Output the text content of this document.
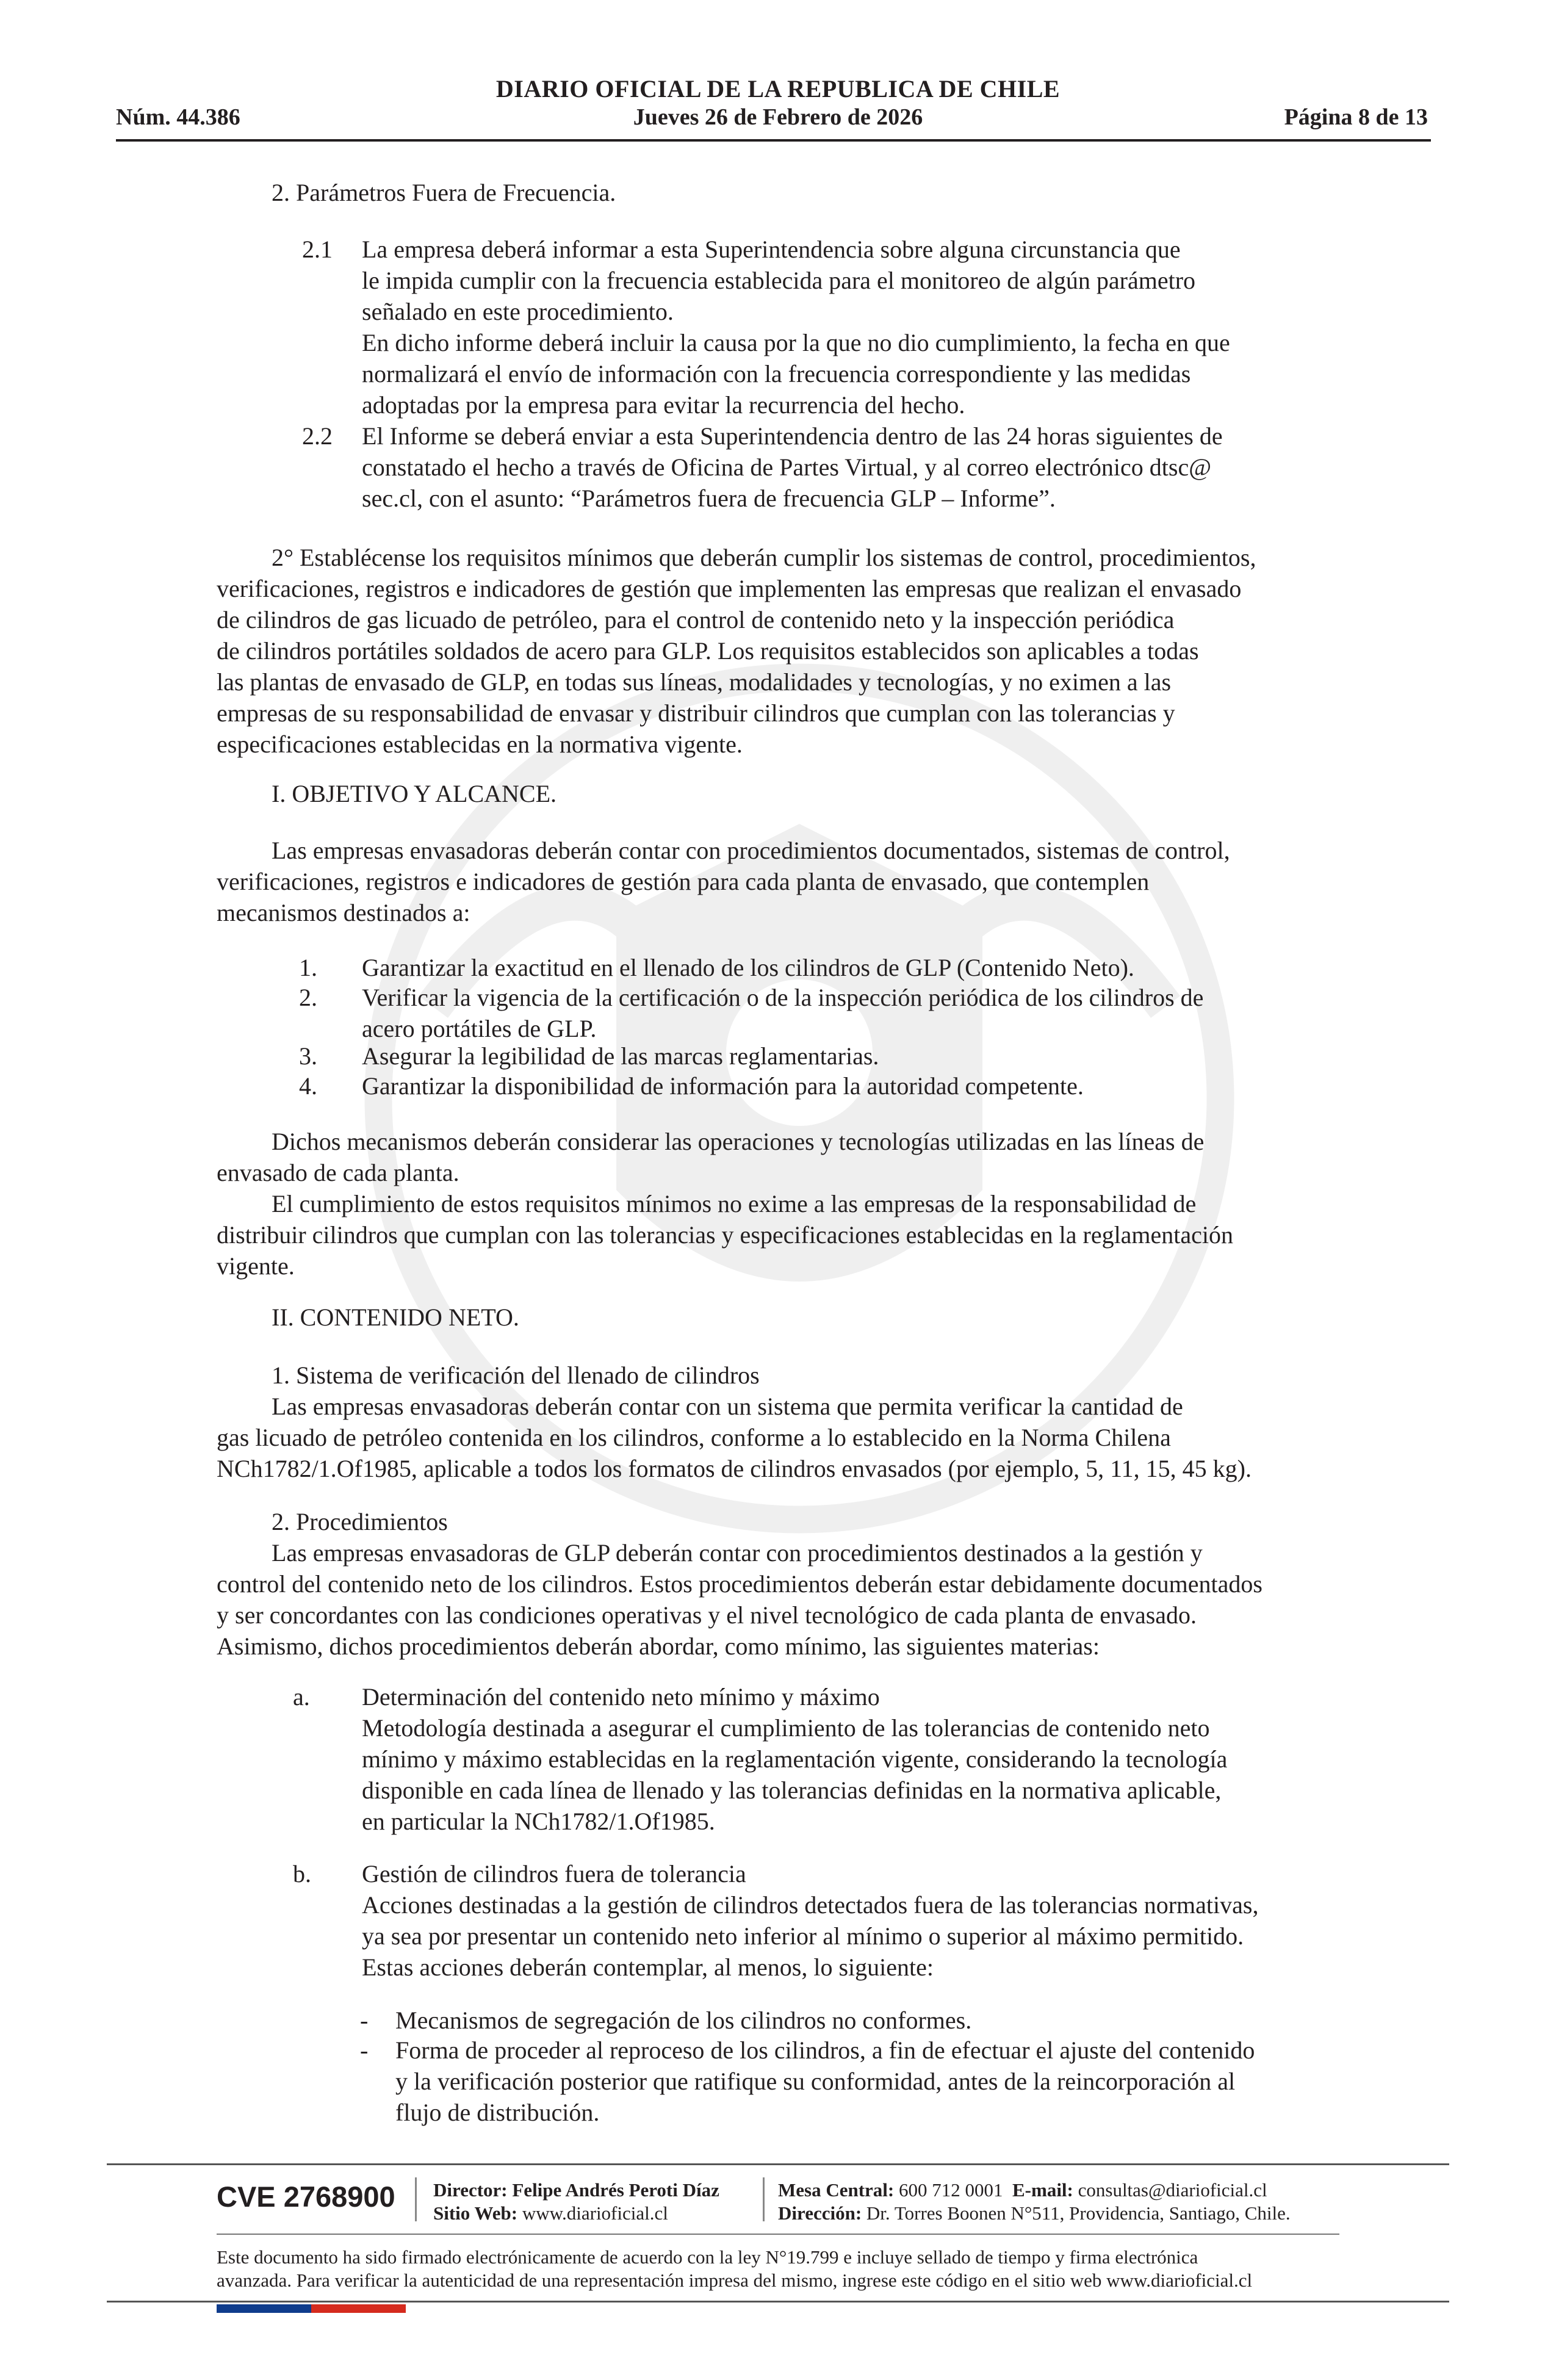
DIARIO OFICIAL DE LA REPUBLICA DE CHILE
Núm. 44.386	Jueves 26 de Febrero de 2026	Página 8 de 13
2. Parámetros Fuera de Frecuencia.
2.1 La empresa deberá informar a esta Superintendencia sobre alguna circunstancia que
le impida cumplir con la frecuencia establecida para el monitoreo de algún parámetro
señalado en este procedimiento.
En dicho informe deberá incluir la causa por la que no dio cumplimiento, la fecha en que
normalizará el envío de información con la frecuencia correspondiente y las medidas
adoptadas por la empresa para evitar la recurrencia del hecho.
2.2 El Informe se deberá enviar a esta Superintendencia dentro de las 24 horas siguientes de
constatado el hecho a través de Oficina de Partes Virtual, y al correo electrónico dtsc@
sec.cl, con el asunto: “Parámetros fuera de frecuencia GLP – Informe”.
2° Establécense los requisitos mínimos que deberán cumplir los sistemas de control, procedimientos,
verificaciones, registros e indicadores de gestión que implementen las empresas que realizan el envasado
de cilindros de gas licuado de petróleo, para el control de contenido neto y la inspección periódica
de cilindros portátiles soldados de acero para GLP. Los requisitos establecidos son aplicables a todas
las plantas de envasado de GLP, en todas sus líneas, modalidades y tecnologías, y no eximen a las
empresas de su responsabilidad de envasar y distribuir cilindros que cumplan con las tolerancias y
especificaciones establecidas en la normativa vigente.
I. OBJETIVO Y ALCANCE.
Las empresas envasadoras deberán contar con procedimientos documentados, sistemas de control,
verificaciones, registros e indicadores de gestión para cada planta de envasado, que contemplen
mecanismos destinados a:
1. Garantizar la exactitud en el llenado de los cilindros de GLP (Contenido Neto).
2. Verificar la vigencia de la certificación o de la inspección periódica de los cilindros de
acero portátiles de GLP.
3. Asegurar la legibilidad de las marcas reglamentarias.
4. Garantizar la disponibilidad de información para la autoridad competente.
Dichos mecanismos deberán considerar las operaciones y tecnologías utilizadas en las líneas de
envasado de cada planta.
El cumplimiento de estos requisitos mínimos no exime a las empresas de la responsabilidad de
distribuir cilindros que cumplan con las tolerancias y especificaciones establecidas en la reglamentación
vigente.
II. CONTENIDO NETO.
1. Sistema de verificación del llenado de cilindros
Las empresas envasadoras deberán contar con un sistema que permita verificar la cantidad de
gas licuado de petróleo contenida en los cilindros, conforme a lo establecido en la Norma Chilena
NCh1782/1.Of1985, aplicable a todos los formatos de cilindros envasados (por ejemplo, 5, 11, 15, 45 kg).
2. Procedimientos
Las empresas envasadoras de GLP deberán contar con procedimientos destinados a la gestión y
control del contenido neto de los cilindros. Estos procedimientos deberán estar debidamente documentados
y ser concordantes con las condiciones operativas y el nivel tecnológico de cada planta de envasado.
Asimismo, dichos procedimientos deberán abordar, como mínimo, las siguientes materias:
a. Determinación del contenido neto mínimo y máximo
Metodología destinada a asegurar el cumplimiento de las tolerancias de contenido neto
mínimo y máximo establecidas en la reglamentación vigente, considerando la tecnología
disponible en cada línea de llenado y las tolerancias definidas en la normativa aplicable,
en particular la NCh1782/1.Of1985.
b. Gestión de cilindros fuera de tolerancia
Acciones destinadas a la gestión de cilindros detectados fuera de las tolerancias normativas,
ya sea por presentar un contenido neto inferior al mínimo o superior al máximo permitido.
Estas acciones deberán contemplar, al menos, lo siguiente:
- Mecanismos de segregación de los cilindros no conformes.
- Forma de proceder al reproceso de los cilindros, a fin de efectuar el ajuste del contenido
y la verificación posterior que ratifique su conformidad, antes de la reincorporación al
flujo de distribución.
CVE 2768900 Director: Felipe Andrés Peroti Díaz
Sitio Web: www.diarioficial.cl
Mesa Central: 600 712 0001 E-mail: consultas@diarioficial.cl
Dirección: Dr. Torres Boonen N°511, Providencia, Santiago, Chile.
Este documento ha sido firmado electrónicamente de acuerdo con la ley N°19.799 e incluye sellado de tiempo y firma electrónica
avanzada. Para verificar la autenticidad de una representación impresa del mismo, ingrese este código en el sitio web www.diarioficial.cl
